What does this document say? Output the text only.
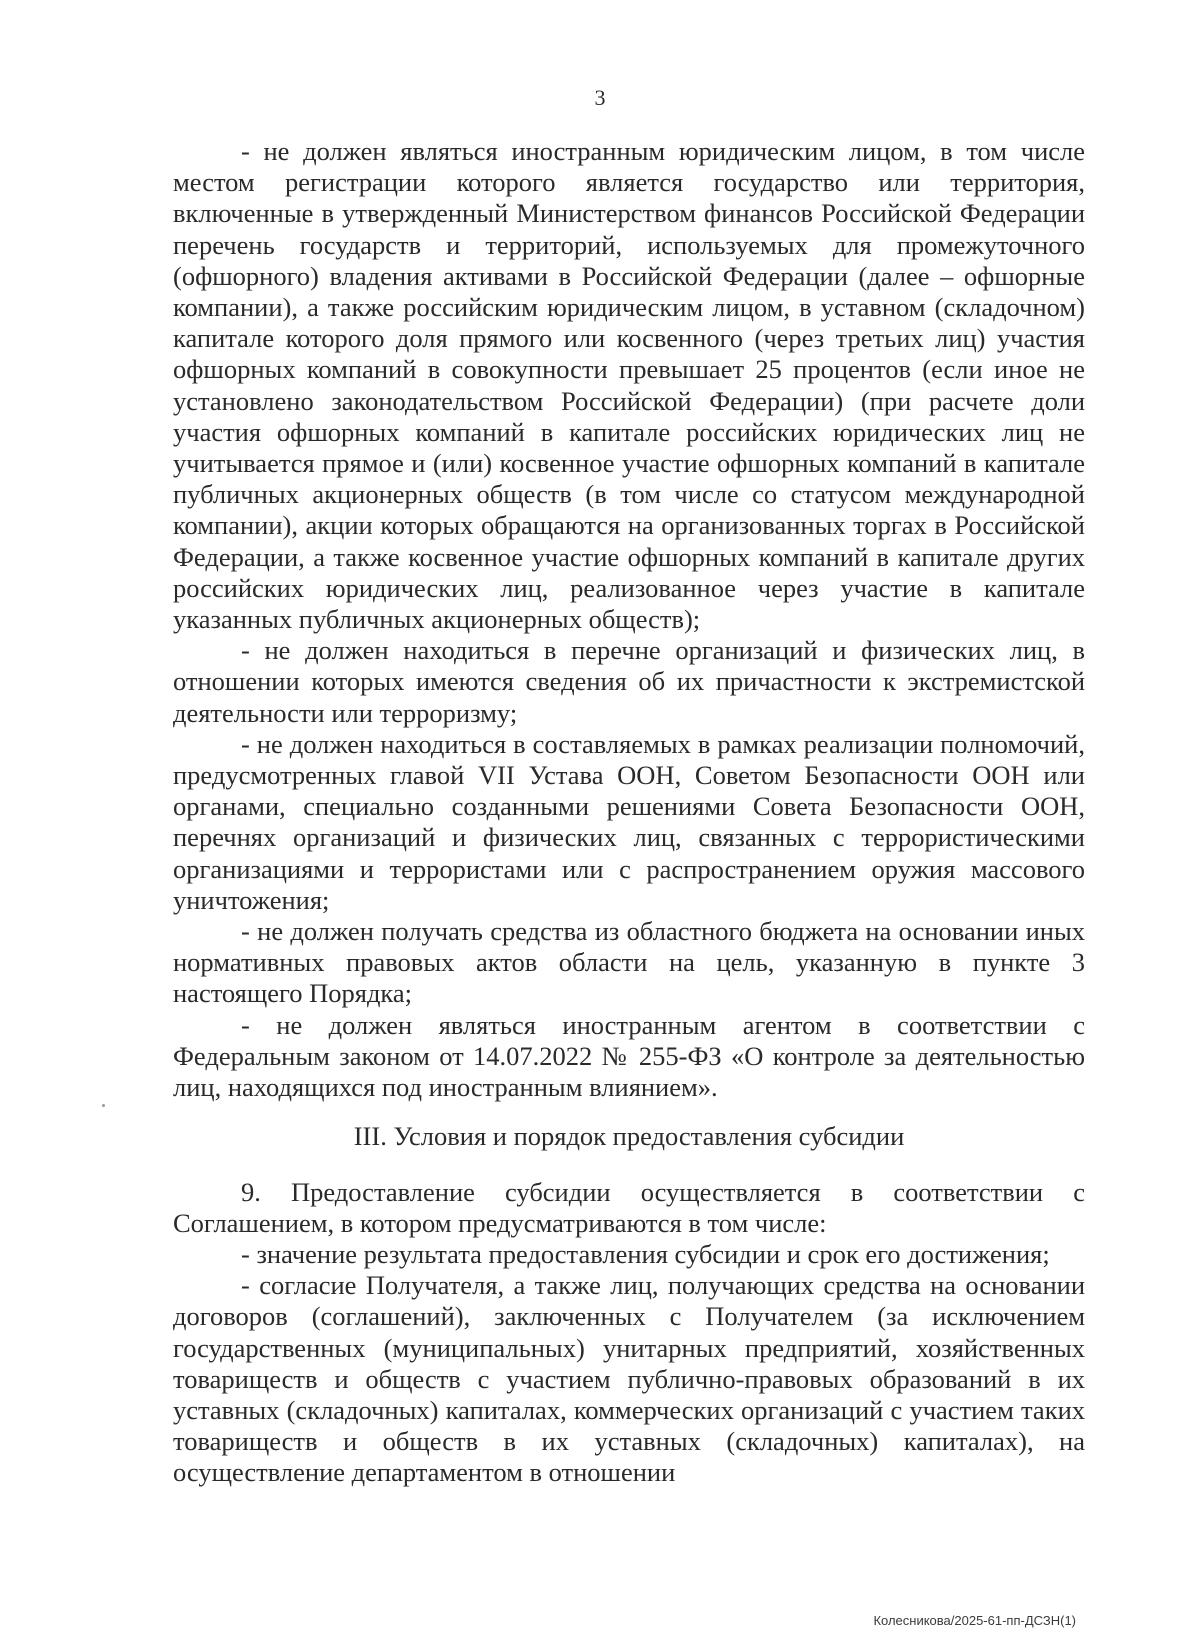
3

- не должен являться иностранным юридическим лицом, в том числе местом регистрации которого является государство или территория, включенные в утвержденный Министерством финансов Российской Федерации перечень государств и территорий, используемых для промежуточного (офшорного) владения активами в Российской Федерации (далее – офшорные компании), а также российским юридическим лицом, в уставном (складочном) капитале которого доля прямого или косвенного (через третьих лиц) участия офшорных компаний в совокупности превышает 25 процентов (если иное не установлено законодательством Российской Федерации) (при расчете доли участия офшорных компаний в капитале российских юридических лиц не учитывается прямое и (или) косвенное участие офшорных компаний в капитале публичных акционерных обществ (в том числе со статусом международной компании), акции которых обращаются на организованных торгах в Российской Федерации, а также косвенное участие офшорных компаний в капитале других российских юридических лиц, реализованное через участие в капитале указанных публичных акционерных обществ);

- не должен находиться в перечне организаций и физических лиц, в отношении которых имеются сведения об их причастности к экстремистской деятельности или терроризму;

- не должен находиться в составляемых в рамках реализации полномочий, предусмотренных главой VII Устава ООН, Советом Безопасности ООН или органами, специально созданными решениями Совета Безопасности ООН, перечнях организаций и физических лиц, связанных с террористическими организациями и террористами или с распространением оружия массового уничтожения;

- не должен получать средства из областного бюджета на основании иных нормативных правовых актов области на цель, указанную в пункте 3 настоящего Порядка;

- не должен являться иностранным агентом в соответствии с Федеральным законом от 14.07.2022 № 255-ФЗ «О контроле за деятельностью лиц, находящихся под иностранным влиянием».

III. Условия и порядок предоставления субсидии

9. Предоставление субсидии осуществляется в соответствии с Соглашением, в котором предусматриваются в том числе:

- значение результата предоставления субсидии и срок его достижения;

- согласие Получателя, а также лиц, получающих средства на основании договоров (соглашений), заключенных с Получателем (за исключением государственных (муниципальных) унитарных предприятий, хозяйственных товариществ и обществ с участием публично-правовых образований в их уставных (складочных) капиталах, коммерческих организаций с участием таких товариществ и обществ в их уставных (складочных) капиталах), на осуществление департаментом в отношении

Колесникова/2025-61-пп-ДСЗН(1)
